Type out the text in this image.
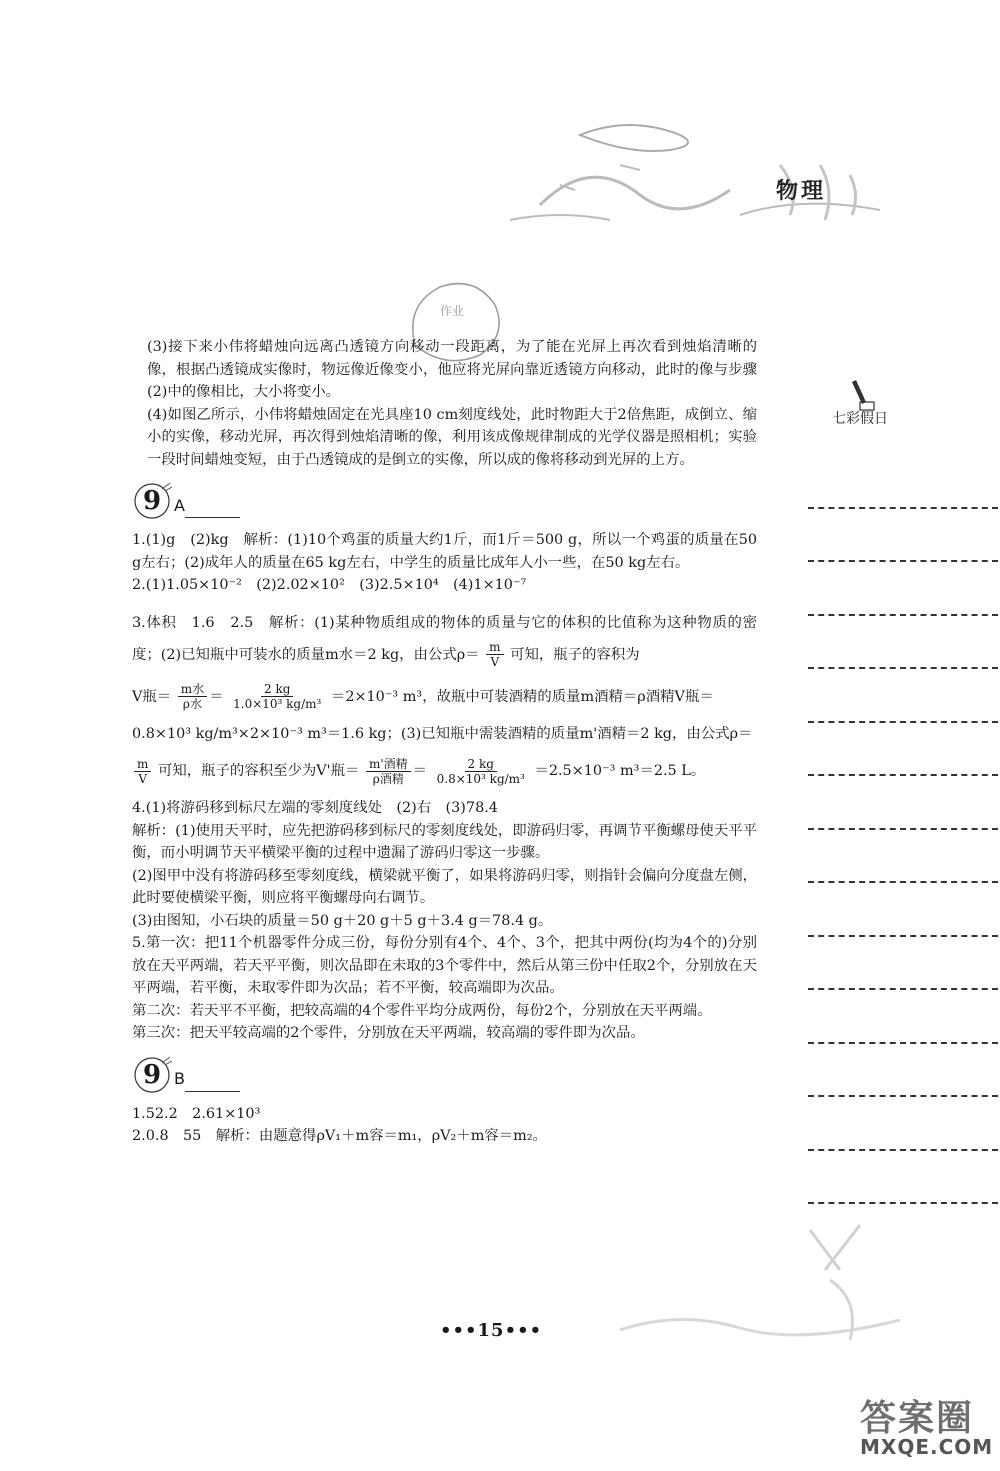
物理
作业

(3)接下来小伟将蜡烛向远离凸透镜方向移动一段距离，为了能在光屏上再次看到烛焰清晰的像，根据凸透镜成实像时，物远像近像变小，他应将光屏向靠近透镜方向移动，此时的像与步骤(2)中的像相比，大小将变小。

(4)如图乙所示，小伟将蜡烛固定在光具座10 cm刻度线处，此时物距大于2倍焦距，成倒立、缩小的实像，移动光屏，再次得到烛焰清晰的像，利用该成像规律制成的光学仪器是照相机；实验一段时间蜡烛变短，由于凸透镜成的是倒立的实像，所以成的像将移动到光屏的上方。

9 A

1.(1)g　(2)kg　解析：(1)10个鸡蛋的质量大约1斤，而1斤＝500 g，所以一个鸡蛋的质量在50 g左右；(2)成年人的质量在65 kg左右，中学生的质量比成年人小一些，在50 kg左右。

2.(1)1.05×10⁻²　(2)2.02×10²　(3)2.5×10⁴　(4)1×10⁻⁷

3.体积　1.6　2.5　解析：(1)某种物质组成的物体的质量与它的体积的比值称为这种物质的密度；(2)已知瓶中可装水的质量m水＝2 kg，由公式$\rho= \frac{m}{V}$ 可知，瓶子的容积为
V瓶＝ $\frac{\text{m水}}{\text{ρ水}} = \frac{2 kg}{\text{1.0×10³ kg/m³}} =2\times 10^{-3}$ m³，故瓶中可装酒精的质量m酒精＝ρ酒精V瓶＝

0.8×10³ kg/m³×2×10⁻³ m³＝1.6 kg；(3)已知瓶中需装酒精的质量m'酒精＝2 kg，由公式ρ＝

$\frac{m}{V}$ 可知，瓶子的容积至少为V'瓶＝ $\frac{\text{m'酒精}}{\text{ρ酒精}} = \frac{2 kg}{\text{0.8×10³ kg/m³}} =2.5\times 10^{-3}$ m³＝2.5 L。

4.(1)将游码移到标尺左端的零刻度线处　(2)右　(3)78.4

解析：(1)使用天平时，应先把游码移到标尺的零刻度线处，即游码归零，再调节平衡螺母使天平平衡，而小明调节天平横梁平衡的过程中遗漏了游码归零这一步骤。

(2)图甲中没有将游码移至零刻度线，横梁就平衡了，如果将游码归零，则指针会偏向分度盘左侧，此时要使横梁平衡，则应将平衡螺母向右调节。

(3)由图知，小石块的质量＝50 g＋20 g＋5 g＋3.4 g＝78.4 g。

5.第一次：把11个机器零件分成三份，每份分别有4个、4个、3个，把其中两份(均为4个的)分别放在天平两端，若天平平衡，则次品即在未取的3个零件中，然后从第三份中任取2个，分别放在天平两端，若平衡，未取零件即为次品；若不平衡，较高端即为次品。

第二次：若天平不平衡，把较高端的4个零件平均分成两份，每份2个，分别放在天平两端。

第三次：把天平较高端的2个零件，分别放在天平两端，较高端的零件即为次品。

9 B

1.52.2　2.61×10³

2.0.8　55　解析：由题意得ρV₁＋m容＝m₁，ρV₂＋m容＝m₂。

七彩假日
•••15•••
答案圈
MXQE.COM
